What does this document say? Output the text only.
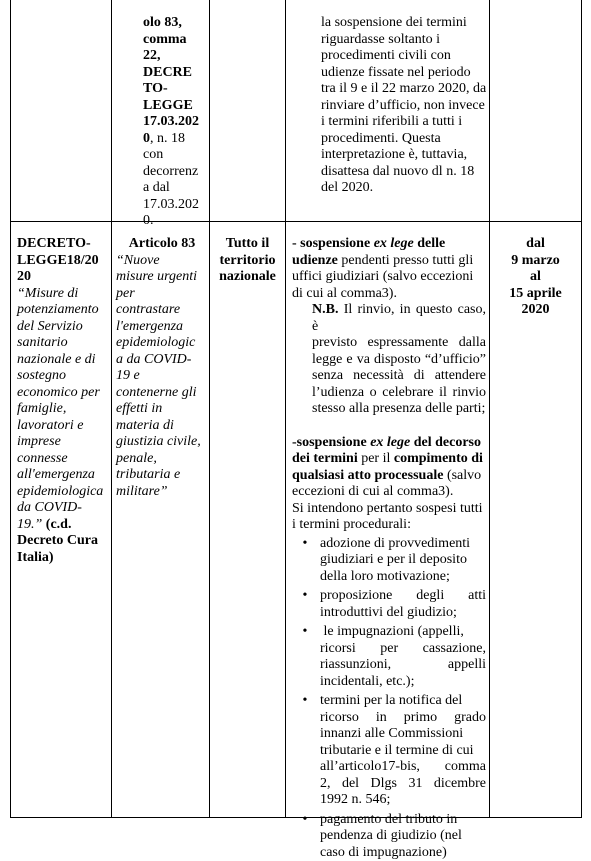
olo 83,

comma

22,

DECRE

TO-

LEGGE

17.03.202

0, n. 18

con

decorrenz

a dal

17.03.202

0.

la sospensione dei termini

riguardasse soltanto i

procedimenti civili con

udienze fissate nel periodo

tra il 9 e il 22 marzo 2020, da

rinviare d’ufficio, non invece

i termini riferibili a tutti i

procedimenti. Questa

interpretazione è, tuttavia,

disattesa dal nuovo dl n. 18

del 2020.

DECRETO-

LEGGE18/20

20

“Misure di

potenziamento

del Servizio

sanitario

nazionale e di

sostegno

economico per

famiglie,

lavoratori e

imprese

connesse

all'emergenza

epidemiologica

da COVID-

19.” (c.d.

Decreto Cura

Italia)

Articolo 83

“Nuove

misure urgenti

per

contrastare

l'emergenza

epidemiologic

a da COVID-

19 e

contenerne gli

effetti in

materia di

giustizia civile,

penale,

tributaria e

militare”

Tutto il

territorio

nazionale

- sospensione ex lege delle

udienze pendenti presso tutti gli

uffici giudiziari (salvo eccezioni

di cui al comma3).

N.B. Il rinvio, in questo caso, è

previsto espressamente dalla

legge e va disposto “d’ufficio”

senza necessità di attendere

l’udienza o celebrare il rinvio

stesso alla presenza delle parti;

-sospensione ex lege del decorso

dei termini per il compimento di

qualsiasi atto processuale (salvo

eccezioni di cui al comma3).

Si intendono pertanto sospesi tutti

i termini procedurali:

• adozione di provvedimenti

giudiziari e per il deposito

della loro motivazione;

• proposizione degli atti

introduttivi del giudizio;

• le impugnazioni (appelli,

ricorsi per cassazione,

riassunzioni, appelli

incidentali, etc.);

• termini per la notifica del

ricorso in primo grado

innanzi alle Commissioni

tributarie e il termine di cui

all’articolo17-bis, comma

2, del Dlgs 31 dicembre

1992 n. 546;

• pagamento del tributo in

pendenza di giudizio (nel

caso di impugnazione)

dal

9 marzo

al

15 aprile

2020
